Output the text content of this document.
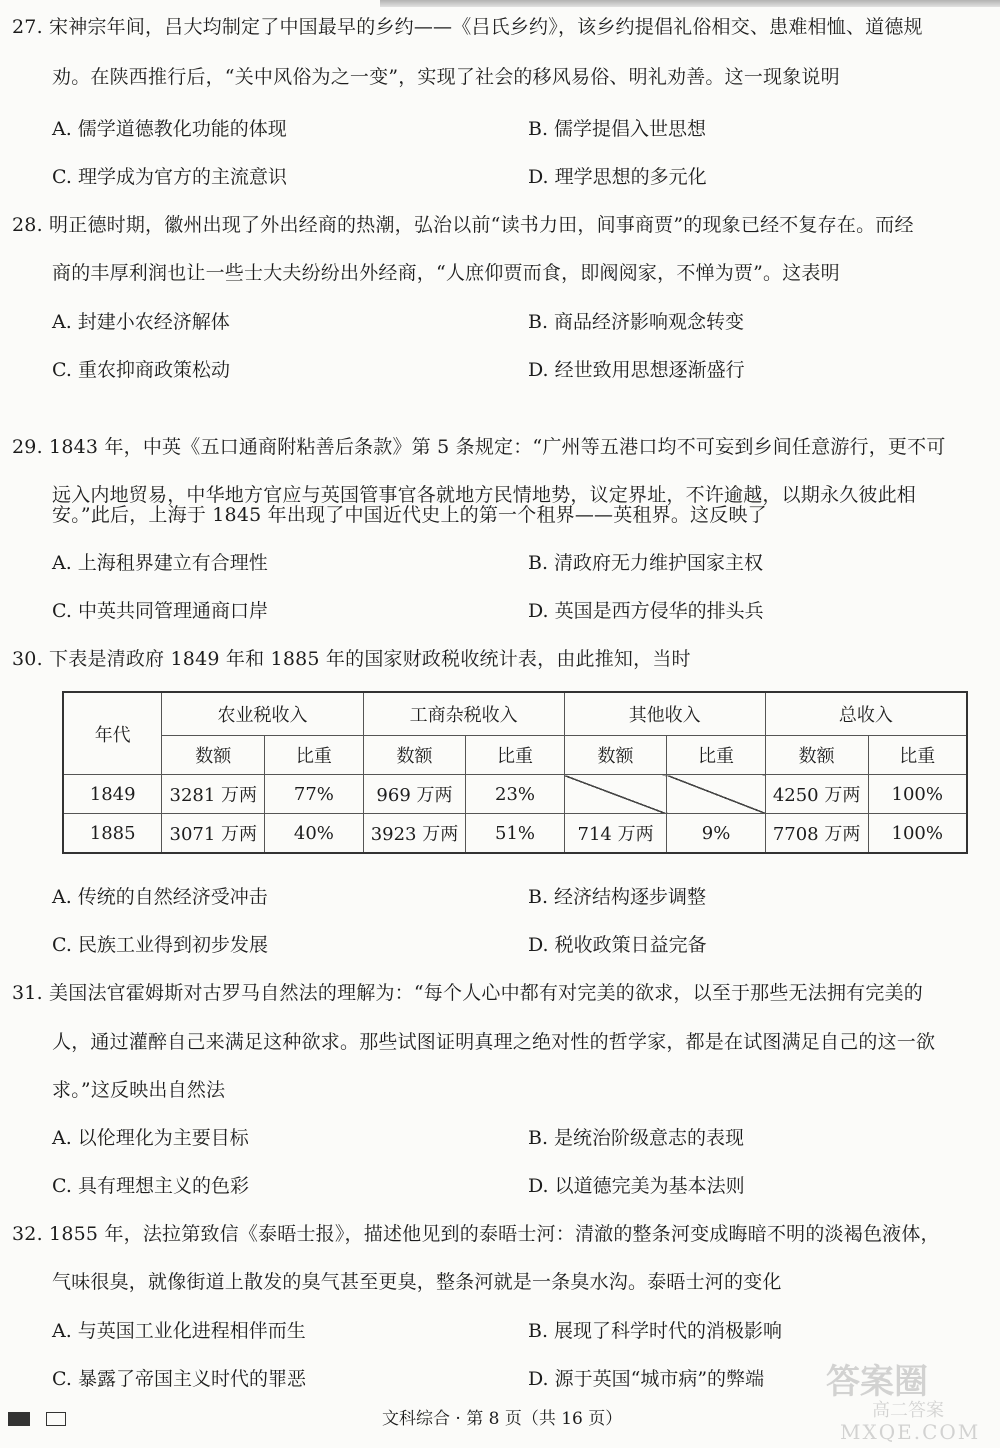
27. 宋神宗年间，吕大均制定了中国最早的乡约——《吕氏乡约》，该乡约提倡礼俗相交、患难相恤、道德规
劝。在陕西推行后，“关中风俗为之一变”，实现了社会的移风易俗、明礼劝善。这一现象说明
A. 儒学道德教化功能的体现	B. 儒学提倡入世思想
C. 理学成为官方的主流意识	D. 理学思想的多元化
28. 明正德时期，徽州出现了外出经商的热潮，弘治以前“读书力田，间事商贾”的现象已经不复存在。而经
商的丰厚利润也让一些士大夫纷纷出外经商，“人庶仰贾而食，即阀阅家，不惮为贾”。这表明
A. 封建小农经济解体	B. 商品经济影响观念转变
C. 重农抑商政策松动	D. 经世致用思想逐渐盛行
29. 1843 年，中英《五口通商附粘善后条款》第 5 条规定：“广州等五港口均不可妄到乡间任意游行，更不可
远入内地贸易，中华地方官应与英国管事官各就地方民情地势，议定界址，不许逾越，以期永久彼此相
安。”此后，上海于 1845 年出现了中国近代史上的第一个租界——英租界。这反映了
A. 上海租界建立有合理性	B. 清政府无力维护国家主权
C. 中英共同管理通商口岸	D. 英国是西方侵华的排头兵
30. 下表是清政府 1849 年和 1885 年的国家财政税收统计表，由此推知，当时
年代	农业税收入		工商杂税收入		其他收入		总收入	
	数额	比重	数额	比重	数额	比重	数额	比重
1849	3281 万两	77%	969 万两	23%			4250 万两	100%
1885	3071 万两	40%	3923 万两	51%	714 万两	9%	7708 万两	100%
A. 传统的自然经济受冲击	B. 经济结构逐步调整
C. 民族工业得到初步发展	D. 税收政策日益完备
31. 美国法官霍姆斯对古罗马自然法的理解为：“每个人心中都有对完美的欲求，以至于那些无法拥有完美的
人，通过灌醉自己来满足这种欲求。那些试图证明真理之绝对性的哲学家，都是在试图满足自己的这一欲
求。”这反映出自然法
A. 以伦理化为主要目标	B. 是统治阶级意志的表现
C. 具有理想主义的色彩	D. 以道德完美为基本法则
32. 1855 年，法拉第致信《泰晤士报》，描述他见到的泰晤士河：清澈的整条河变成晦暗不明的淡褐色液体，
气味很臭，就像街道上散发的臭气甚至更臭，整条河就是一条臭水沟。泰晤士河的变化
A. 与英国工业化进程相伴而生	B. 展现了科学时代的消极影响
C. 暴露了帝国主义时代的罪恶	D. 源于英国“城市病”的弊端 答案圈
高二答案
MXQE.COM
文科综合 · 第 8 页（共 16 页）
